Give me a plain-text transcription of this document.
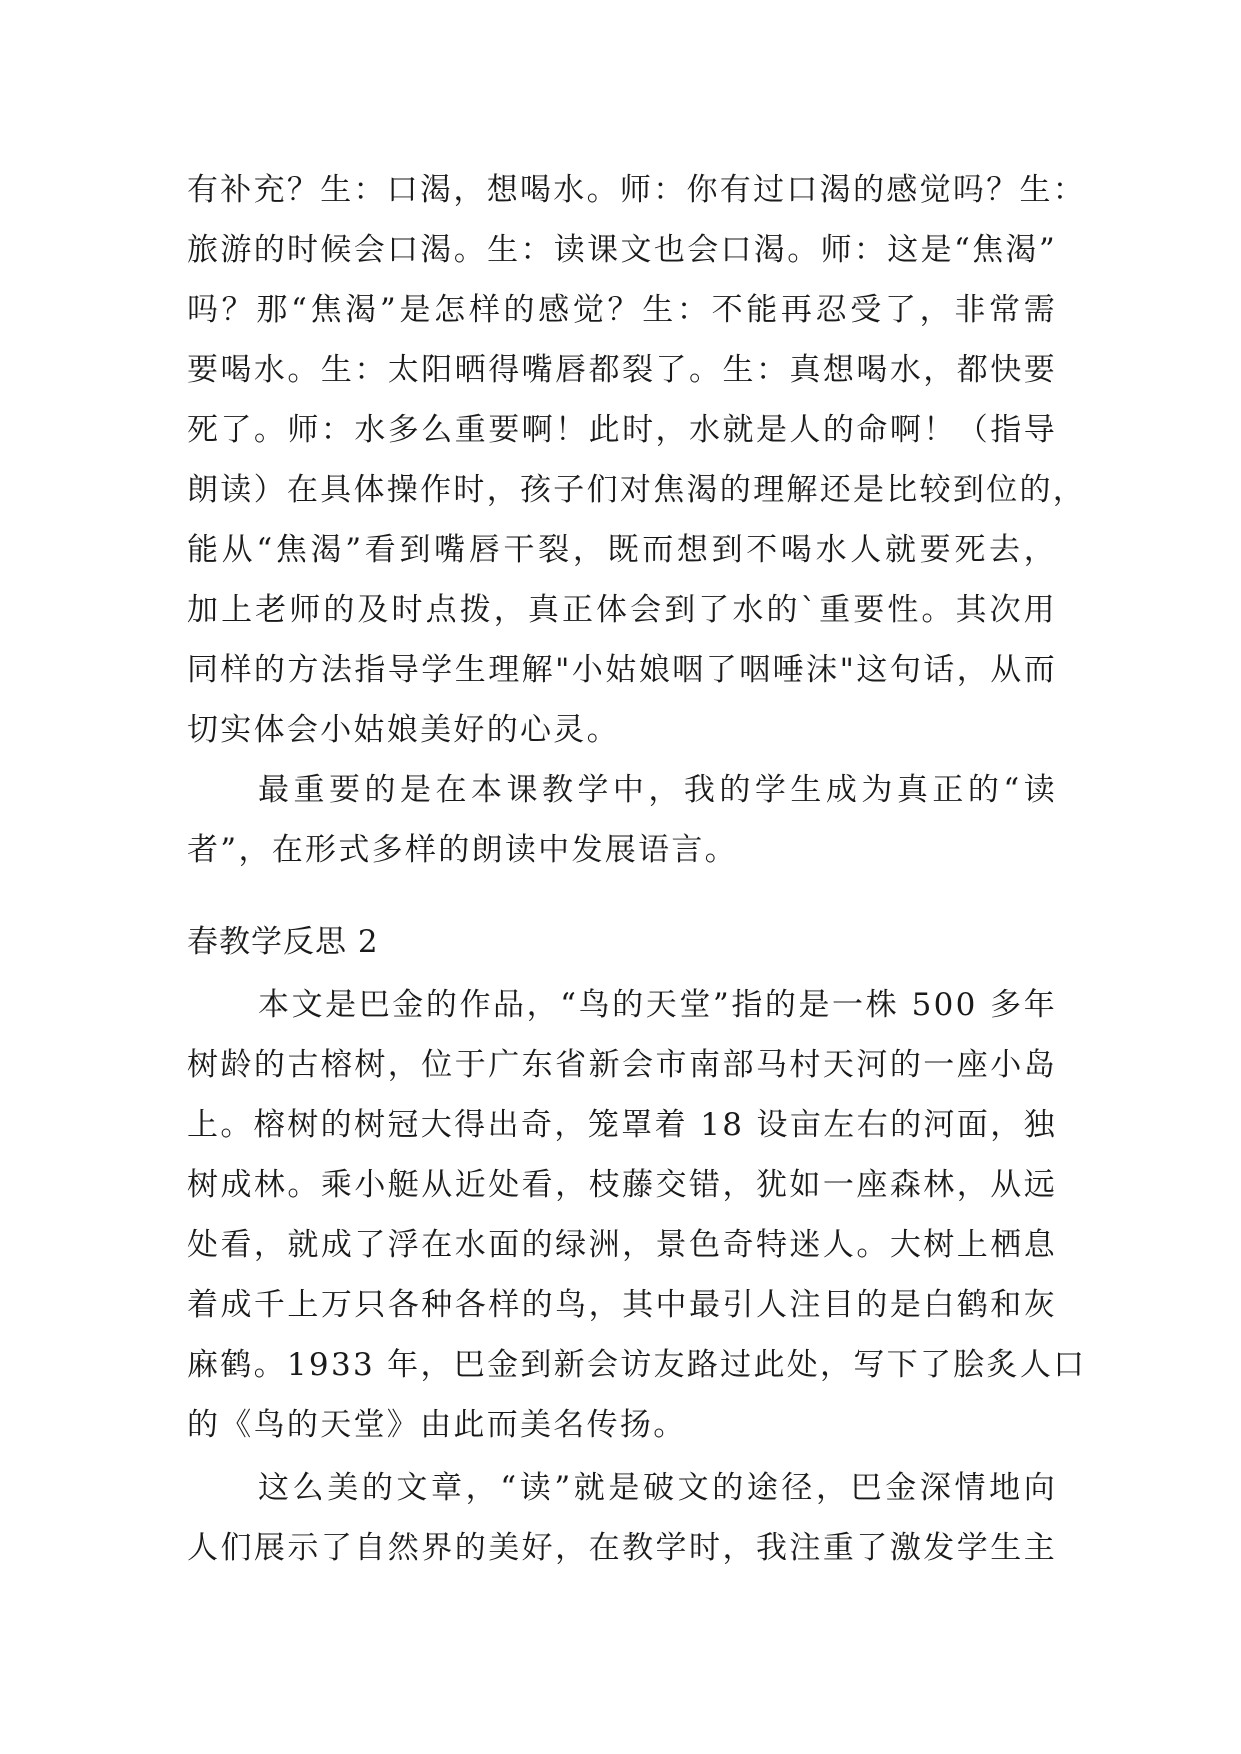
有补充？生：口渴，想喝水。师：你有过口渴的感觉吗？生：
旅游的时候会口渴。生：读课文也会口渴。师：这是“焦渴”
吗？那“焦渴”是怎样的感觉？生：不能再忍受了，非常需
要喝水。生：太阳晒得嘴唇都裂了。生：真想喝水，都快要
死了。师：水多么重要啊！此时，水就是人的命啊！（指导
朗读）在具体操作时，孩子们对焦渴的理解还是比较到位的，
能从“焦渴”看到嘴唇干裂，既而想到不喝水人就要死去，
加上老师的及时点拨，真正体会到了水的`重要性。其次用
同样的方法指导学生理解"小姑娘咽了咽唾沫"这句话，从而
切实体会小姑娘美好的心灵。
最重要的是在本课教学中，我的学生成为真正的“读
者”，在形式多样的朗读中发展语言。
春教学反思 2
本文是巴金的作品，“鸟的天堂”指的是一株 500 多年
树龄的古榕树，位于广东省新会市南部马村天河的一座小岛
上。榕树的树冠大得出奇，笼罩着 18 设亩左右的河面，独
树成林。乘小艇从近处看，枝藤交错，犹如一座森林，从远
处看，就成了浮在水面的绿洲，景色奇特迷人。大树上栖息
着成千上万只各种各样的鸟，其中最引人注目的是白鹤和灰
麻鹤。1933 年，巴金到新会访友路过此处，写下了脍炙人口
的《鸟的天堂》由此而美名传扬。
这么美的文章，“读”就是破文的途径，巴金深情地向
人们展示了自然界的美好，在教学时，我注重了激发学生主
